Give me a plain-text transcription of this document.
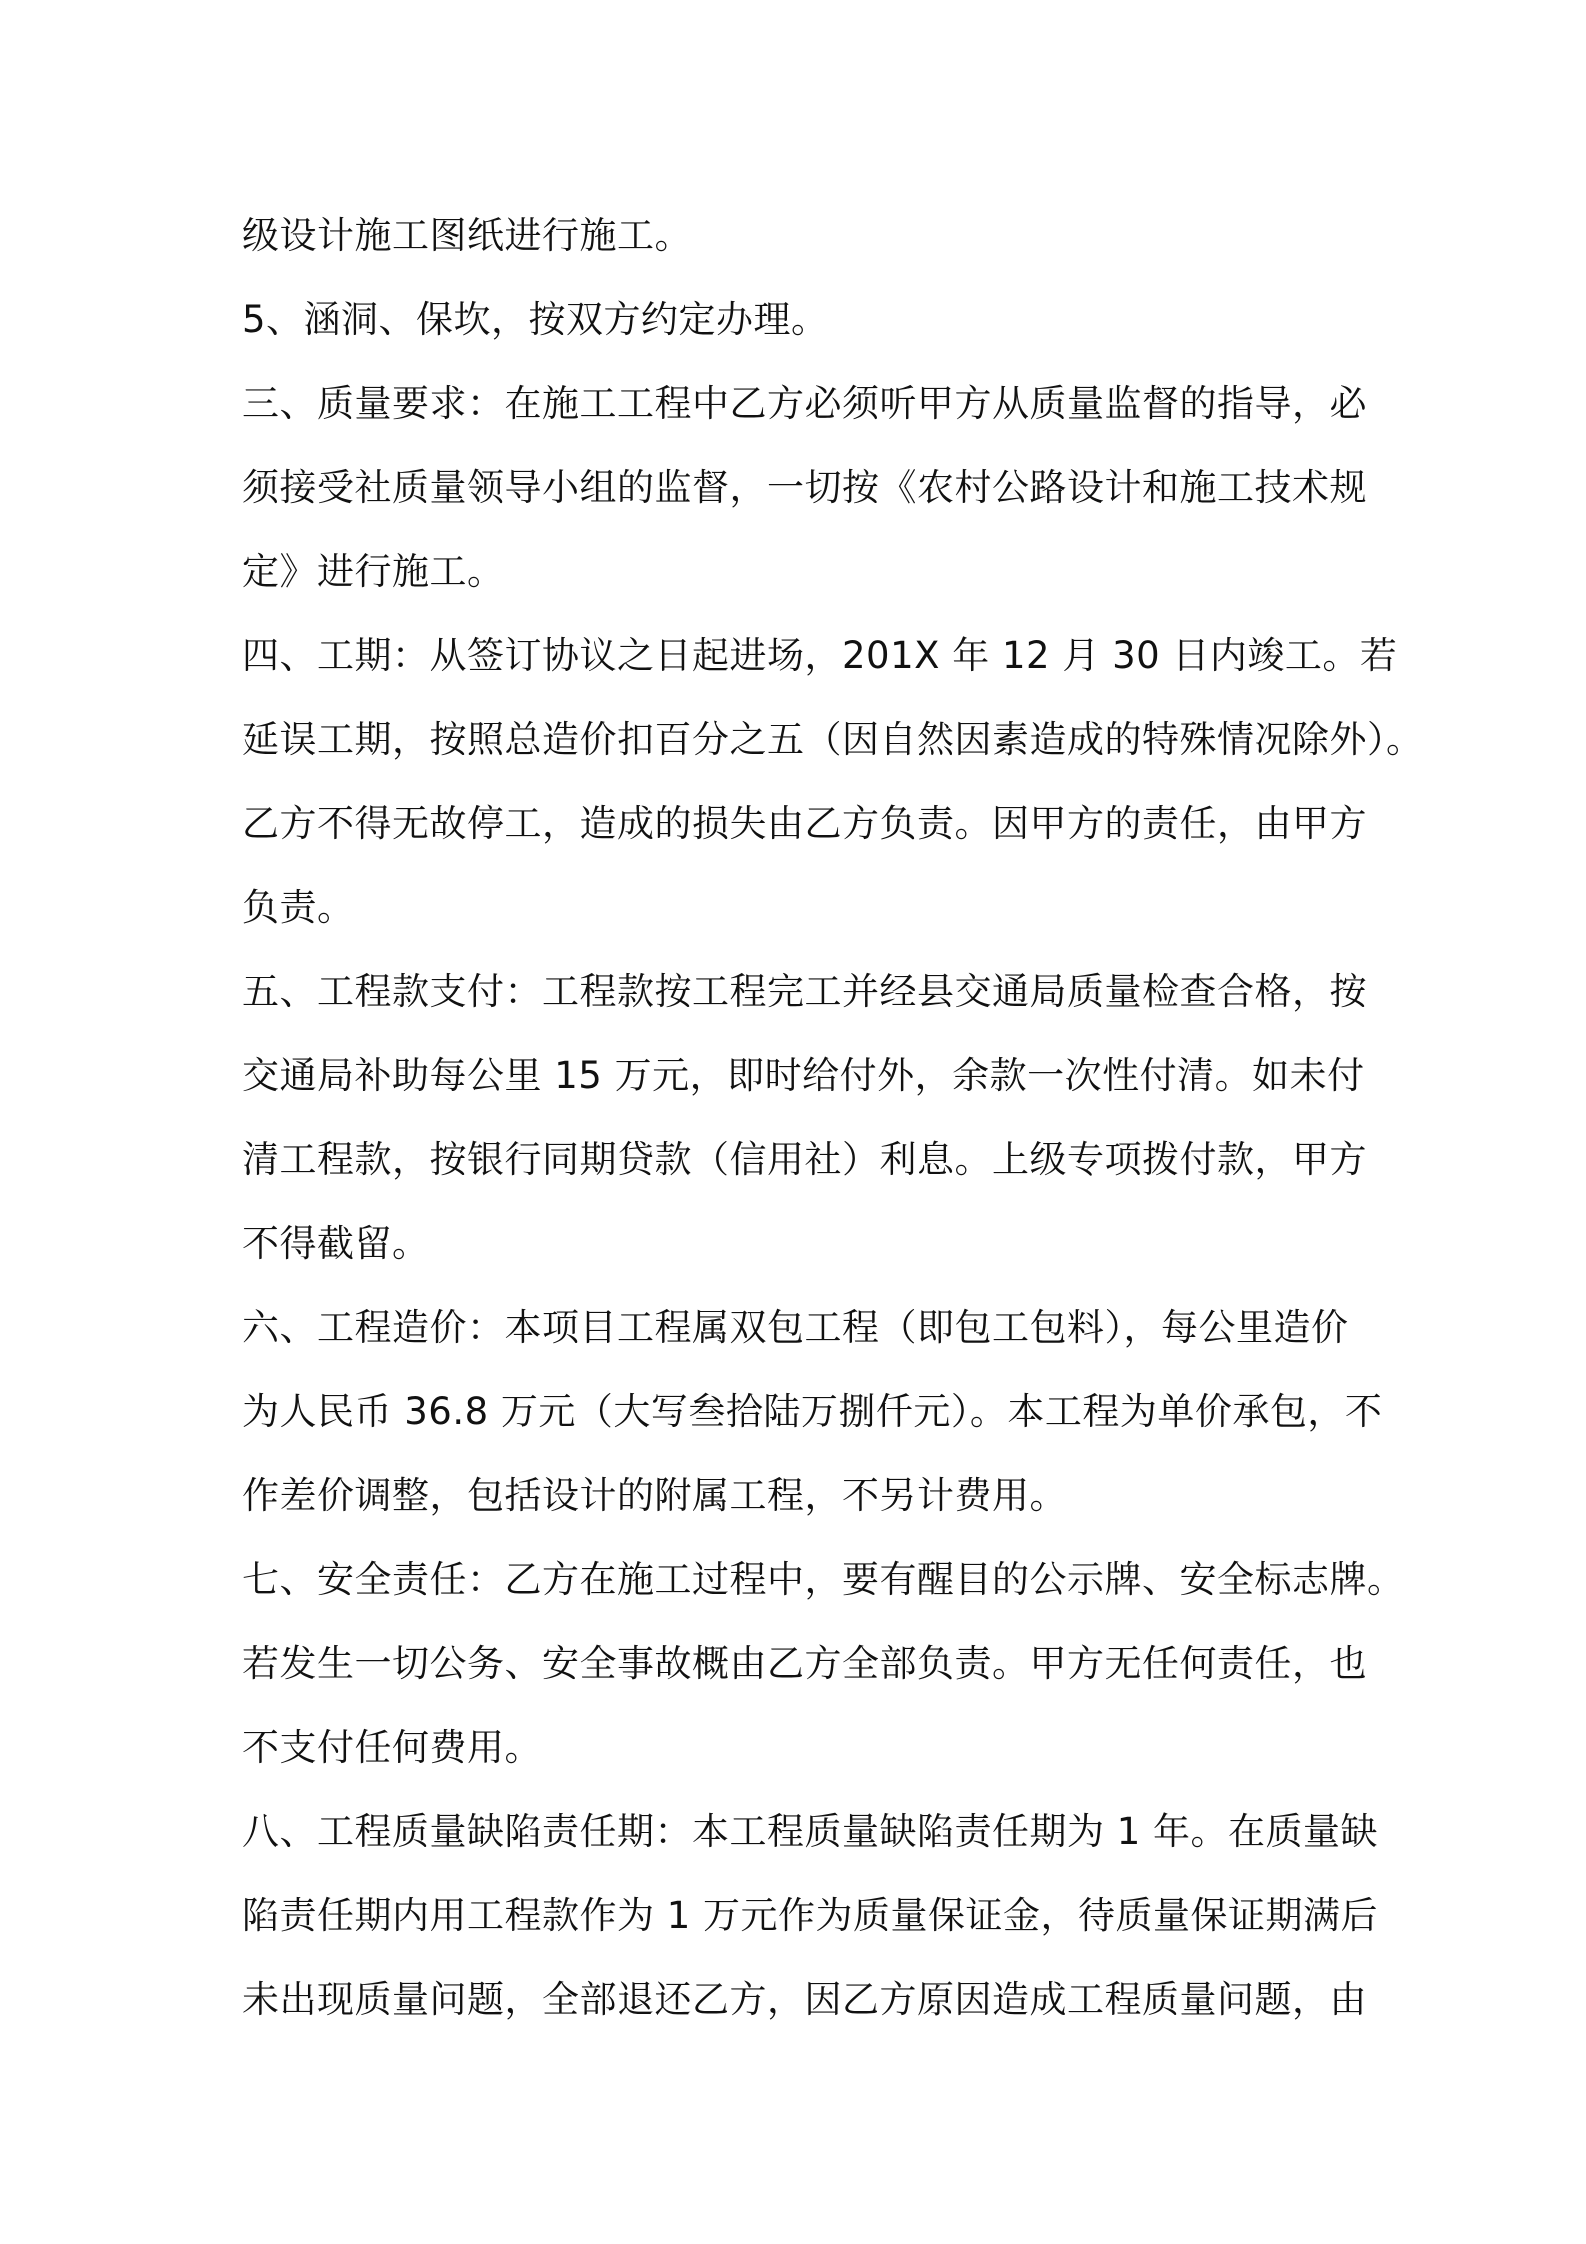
级设计施工图纸进行施工。
5、涵洞、保坎，按双方约定办理。
三、质量要求：在施工工程中乙方必须听甲方从质量监督的指导，必
须接受社质量领导小组的监督，一切按《农村公路设计和施工技术规
定》进行施工。
四、工期：从签订协议之日起进场，201X 年 12 月 30 日内竣工。若
延误工期，按照总造价扣百分之五（因自然因素造成的特殊情况除外）。
乙方不得无故停工，造成的损失由乙方负责。因甲方的责任，由甲方
负责。
五、工程款支付：工程款按工程完工并经县交通局质量检查合格，按
交通局补助每公里 15 万元，即时给付外，余款一次性付清。如未付
清工程款，按银行同期贷款（信用社）利息。上级专项拨付款，甲方
不得截留。
六、工程造价：本项目工程属双包工程（即包工包料），每公里造价
为人民币 36.8 万元（大写叁拾陆万捌仟元）。本工程为单价承包，不
作差价调整，包括设计的附属工程，不另计费用。
七、安全责任：乙方在施工过程中，要有醒目的公示牌、安全标志牌。
若发生一切公务、安全事故概由乙方全部负责。甲方无任何责任，也
不支付任何费用。
八、工程质量缺陷责任期：本工程质量缺陷责任期为 1 年。在质量缺
陷责任期内用工程款作为 1 万元作为质量保证金，待质量保证期满后
未出现质量问题，全部退还乙方，因乙方原因造成工程质量问题，由
